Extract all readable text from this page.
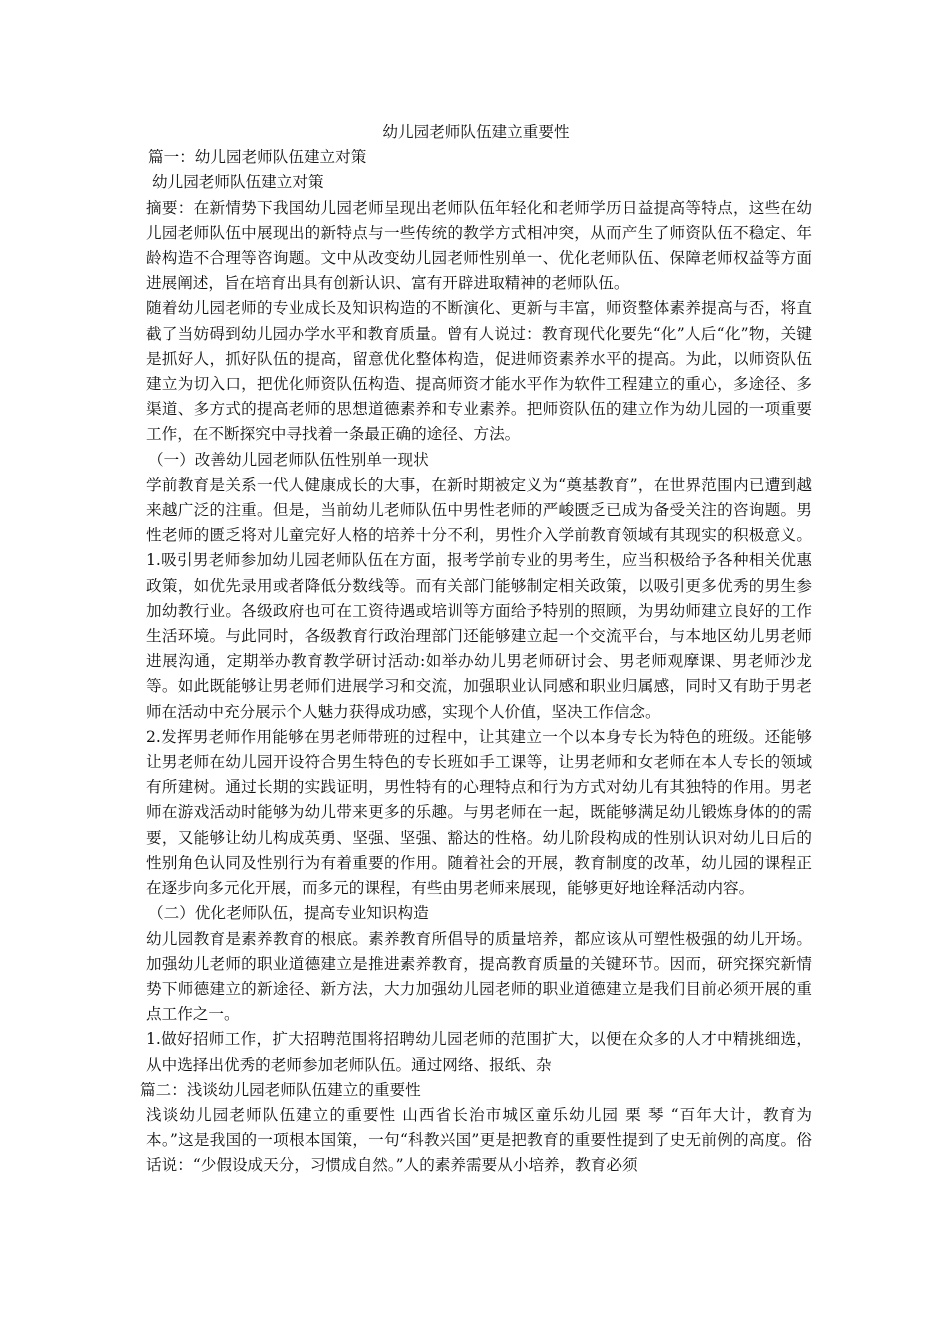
幼儿园老师队伍建立重要性

篇一：幼儿园老师队伍建立对策

幼儿园老师队伍建立对策

摘要：在新情势下我国幼儿园老师呈现出老师队伍年轻化和老师学历日益提高等特点，这些在幼儿园老师队伍中展现出的新特点与一些传统的教学方式相冲突，从而产生了师资队伍不稳定、年龄构造不合理等咨询题。文中从改变幼儿园老师性别单一、优化老师队伍、保障老师权益等方面进展阐述，旨在培育出具有创新认识、富有开辟进取精神的老师队伍。

随着幼儿园老师的专业成长及知识构造的不断演化、更新与丰富，师资整体素养提高与否，将直截了当妨碍到幼儿园办学水平和教育质量。曾有人说过：教育现代化要先“化”人后“化”物，关键是抓好人，抓好队伍的提高，留意优化整体构造，促进师资素养水平的提高。为此，以师资队伍建立为切入口，把优化师资队伍构造、提高师资才能水平作为软件工程建立的重心，多途径、多渠道、多方式的提高老师的思想道德素养和专业素养。把师资队伍的建立作为幼儿园的一项重要工作，在不断探究中寻找着一条最正确的途径、方法。

（一）改善幼儿园老师队伍性别单一现状

学前教育是关系一代人健康成长的大事，在新时期被定义为“奠基教育”，在世界范围内已遭到越来越广泛的注重。但是，当前幼儿老师队伍中男性老师的严峻匮乏已成为备受关注的咨询题。男性老师的匮乏将对儿童完好人格的培养十分不利，男性介入学前教育领域有其现实的积极意义。 1.吸引男老师参加幼儿园老师队伍在方面，报考学前专业的男考生，应当积极给予各种相关优惠政策，如优先录用或者降低分数线等。而有关部门能够制定相关政策，以吸引更多优秀的男生参加幼教行业。各级政府也可在工资待遇或培训等方面给予特别的照顾，为男幼师建立良好的工作生活环境。与此同时，各级教育行政治理部门还能够建立起一个交流平台，与本地区幼儿男老师进展沟通，定期举办教育教学研讨活动:如举办幼儿男老师研讨会、男老师观摩课、男老师沙龙等。如此既能够让男老师们进展学习和交流，加强职业认同感和职业归属感，同时又有助于男老师在活动中充分展示个人魅力获得成功感，实现个人价值，坚决工作信念。

2.发挥男老师作用能够在男老师带班的过程中，让其建立一个以本身专长为特色的班级。还能够让男老师在幼儿园开设符合男生特色的专长班如手工课等，让男老师和女老师在本人专长的领域有所建树。通过长期的实践证明，男性特有的心理特点和行为方式对幼儿有其独特的作用。男老师在游戏活动时能够为幼儿带来更多的乐趣。与男老师在一起，既能够满足幼儿锻炼身体的的需要，又能够让幼儿构成英勇、坚强、坚强、豁达的性格。幼儿阶段构成的性别认识对幼儿日后的性别角色认同及性别行为有着重要的作用。随着社会的开展，教育制度的改革，幼儿园的课程正在逐步向多元化开展，而多元的课程，有些由男老师来展现，能够更好地诠释活动内容。

（二）优化老师队伍，提高专业知识构造

幼儿园教育是素养教育的根底。素养教育所倡导的质量培养，都应该从可塑性极强的幼儿开场。加强幼儿老师的职业道德建立是推进素养教育，提高教育质量的关键环节。因而，研究探究新情势下师德建立的新途径、新方法，大力加强幼儿园老师的职业道德建立是我们目前必须开展的重点工作之一。

1.做好招师工作，扩大招聘范围将招聘幼儿园老师的范围扩大，以便在众多的人才中精挑细选，从中选择出优秀的老师参加老师队伍。通过网络、报纸、杂

篇二：浅谈幼儿园老师队伍建立的重要性

浅谈幼儿园老师队伍建立的重要性 山西省长治市城区童乐幼儿园 栗 琴 “百年大计，教育为本。”这是我国的一项根本国策，一句“科教兴国”更是把教育的重要性提到了史无前例的高度。俗话说：“少假设成天分，习惯成自然。”人的素养需要从小培养，教育必须
